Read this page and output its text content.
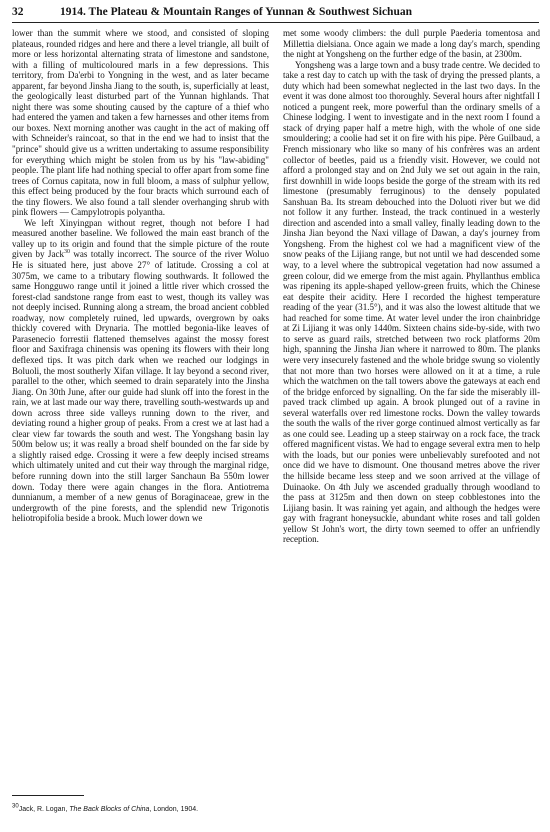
32	1914. The Plateau & Mountain Ranges of Yunnan & Southwest Sichuan

lower than the summit where we stood, and consisted of sloping plateaus, rounded ridges and here and there a level triangle, all built of more or less horizontal alternating strata of limestone and sandstone, with a filling of multicoloured marls in a few depressions. This territory, from Da'erbi to Yongning in the west, and as later became apparent, far beyond Jinsha Jiang to the south, is, superficially at least, the geologically least disturbed part of the Yunnan highlands. That night there was some shouting caused by the capture of a thief who had entered the yamen and taken a few harnesses and other items from our boxes. Next morning another was caught in the act of making off with Schneider's raincoat, so that in the end we had to insist that the "prince" should give us a written undertaking to assume responsibility for everything which might be stolen from us by his "law-abiding" people. The plant life had nothing special to offer apart from some fine trees of Cornus capitata, now in full bloom, a mass of sulphur yellow, this effect being produced by the four bracts which surround each of the tiny flowers. We also found a tall slender overhanging shrub with pink flowers — Campylotropis polyantha.

We left Xinyingpan without regret, though not before I had measured another baseline. We followed the main east branch of the valley up to its origin and found that the simple picture of the route given by Jack$^{30}$ was totally incorrect. The source of the river Woluo He is situated here, just above 27° of latitude. Crossing a col at 3075m, we came to a tributary flowing southwards. It followed the same Hongguwo range until it joined a little river which crossed the forest-clad sandstone range from east to west, though its valley was not deeply incised. Running along a stream, the broad ancient cobbled roadway, now completely ruined, led upwards, overgrown by oaks thickly covered with Drynaria. The mottled begonia-like leaves of Parasenecio forrestii flattened themselves against the mossy forest floor and Saxifraga chinensis was opening its flowers with their long deflexed tips. It was pitch dark when we reached our lodgings in Boluoli, the most southerly Xifan village. It lay beyond a second river, parallel to the other, which seemed to drain separately into the Jinsha Jiang. On 30th June, after our guide had slunk off into the forest in the rain, we at last made our way there, travelling south-westwards up and down across three side valleys running down to the river, and deviating round a higher group of peaks. From a crest we at last had a clear view far towards the south and west. The Yongshang basin lay 500m below us; it was really a broad shelf bounded on the far side by a slightly raised edge. Crossing it were a few deeply incised streams which ultimately united and cut their way through the marginal ridge, before running down into the still larger Sanchaun Ba 550m lower down. Today there were again changes in the flora. Antiotrema dunnianum, a member of a new genus of Boraginaceae, grew in the undergrowth of the pine forests, and the splendid new Trigonotis heliotropifolia beside a brook. Much lower down we

met some woody climbers: the dull purple Paederia tomentosa and Millettia dielsiana. Once again we made a long day's march, spending the night at Yongsheng on the further edge of the basin, at 2300m.

Yongsheng was a large town and a busy trade centre. We decided to take a rest day to catch up with the task of drying the pressed plants, a duty which had been somewhat neglected in the last two days. In the event it was done almost too thoroughly. Several hours after nightfall I noticed a pungent reek, more powerful than the ordinary smells of a Chinese lodging. I went to investigate and in the next room I found a stack of drying paper half a metre high, with the whole of one side smouldering; a coolie had set it on fire with his pipe. Père Guilbaud, a French missionary who like so many of his confrères was an ardent collector of beetles, paid us a friendly visit. However, we could not afford a prolonged stay and on 2nd July we set out again in the rain, first downhill in wide loops beside the gorge of the stream with its red limestone (presumably ferruginous) to the densely populated Sanshuan Ba. Its stream debouched into the Doluoti river but we did not follow it any further. Instead, the track continued in a westerly direction and ascended into a small valley, finally leading down to the Jinsha Jian beyond the Naxi village of Dawan, a day's journey from Yongsheng. From the highest col we had a magnificent view of the snow peaks of the Lijiang range, but not until we had descended some way, to a level where the subtropical vegetation had now assumed a green colour, did we emerge from the mist again. Phyllanthus emblica was ripening its apple-shaped yellow-green fruits, which the Chinese eat despite their acidity. Here I recorded the highest temperature reading of the year (31.5°), and it was also the lowest altitude that we had reached for some time. At water level under the iron chainbridge at Zi Lijiang it was only 1440m. Sixteen chains side-by-side, with two to serve as guard rails, stretched between two rock platforms 20m high, spanning the Jinsha Jian where it narrowed to 80m. The planks were very insecurely fastened and the whole bridge swung so violently that not more than two horses were allowed on it at a time, a rule which the watchmen on the tall towers above the gateways at each end of the bridge enforced by signalling. On the far side the miserably ill-paved track climbed up again. A brook plunged out of a ravine in several waterfalls over red limestone rocks. Down the valley towards the south the walls of the river gorge continued almost vertically as far as one could see. Leading up a steep stairway on a rock face, the track offered magnificent vistas. We had to engage several extra men to help with the loads, but our ponies were unbelievably surefooted and not once did we have to dismount. One thousand metres above the river the hillside became less steep and we soon arrived at the village of Duinaoke. On 4th July we ascended gradually through woodland to the pass at 3125m and then down on steep cobblestones into the Lijiang basin. It was raining yet again, and although the hedges were gay with fragrant honeysuckle, abundant white roses and tall golden yellow St John's wort, the dirty town seemed to offer an unfriendly reception.

$^{30}$Jack, R. Logan, The Back Blocks of China, London, 1904.
